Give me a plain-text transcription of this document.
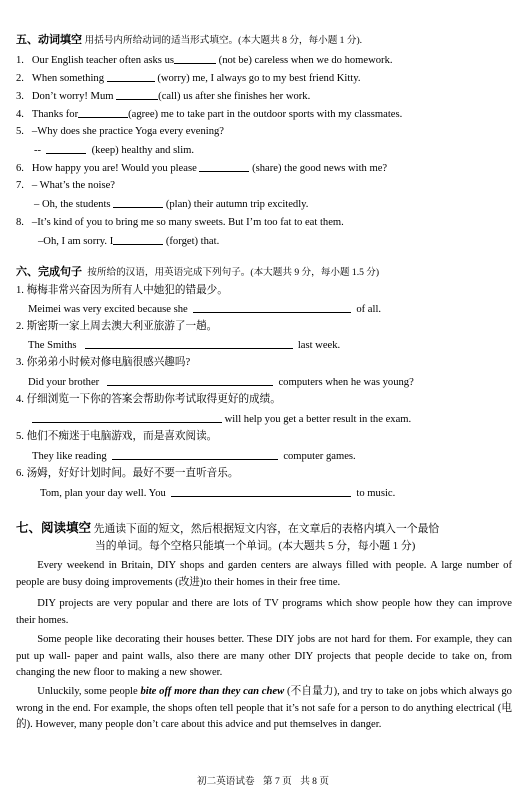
五、动词填空 用括号内所给动词的适当形式填空。(本大题共 8 分，每小题 1 分).
1. Our English teacher often asks us	(not be) careless when we do homework.
2. When something	(worry) me, I always go to my best friend Kitty.
3. Don’t worry! Mum	(call) us after she finishes her work.
4. Thanks for	(agree) me to take part in the outdoor sports with my classmates.
5. –Why does she practice Yoga every evening?
--	(keep) healthy and slim.
6. How happy you are! Would you please	(share) the good news with me?
7. – What’s the noise?
– Oh, the students	(plan) their autumn trip excitedly.
8. –It’s kind of you to bring me so many sweets. But I’m too fat to eat them.
–Oh, I am sorry. I	(forget) that.
六、完成句子 按所给的汉语，用英语完成下列句子。(本大题共 9 分，每小题 1.5 分)
1. 梅梅非常兴奋因为所有人中她犯的错最少。
Meimei was very excited because she	of all.
2. 斯密斯一家上周去澳大利亚旅游了一趟。
The Smiths	last week.
3. 你弟弟小时候对修电脑很感兴趣吗?
Did your brother	computers when he was young?
4. 仔细浏览一下你的答案会帮助你考试取得更好的成绩。
will help you get a better result in the exam.
5. 他们不痴迷于电脑游戏，而是喜欢阅读。
They like reading	computer games.
6. 汤姆，好好计划时间。最好不要一直听音乐。
Tom, plan your day well. You	to music.
七、阅读填空 先通读下面的短文，然后根据短文内容，在文章后的表格内填入一个最恰
当的单词。每个空格只能填一个单词。(本大题共 5 分，每小题 1 分)
Every weekend in Britain, DIY shops and garden centers are always filled with people. A large number of people are busy doing improvements (改进)to their homes in their free time.
DIY projects are very popular and there are lots of TV programs which show people how they can improve their homes.
Some people like decorating their houses better. These DIY jobs are not hard for them. For example, they can put up wall- paper and paint walls, also there are many other DIY projects that people decide to take on, from changing the new floor to making a new shower.
Unluckily, some people bite off more than they can chew (不自量力), and try to take on jobs which always go wrong in the end. For example, the shops often tell people that it’s not safe for a person to do anything electrical (电的). However, many people don’t care about this advice and put themselves in danger.
初二英语试卷 第 7 页 共 8 页
